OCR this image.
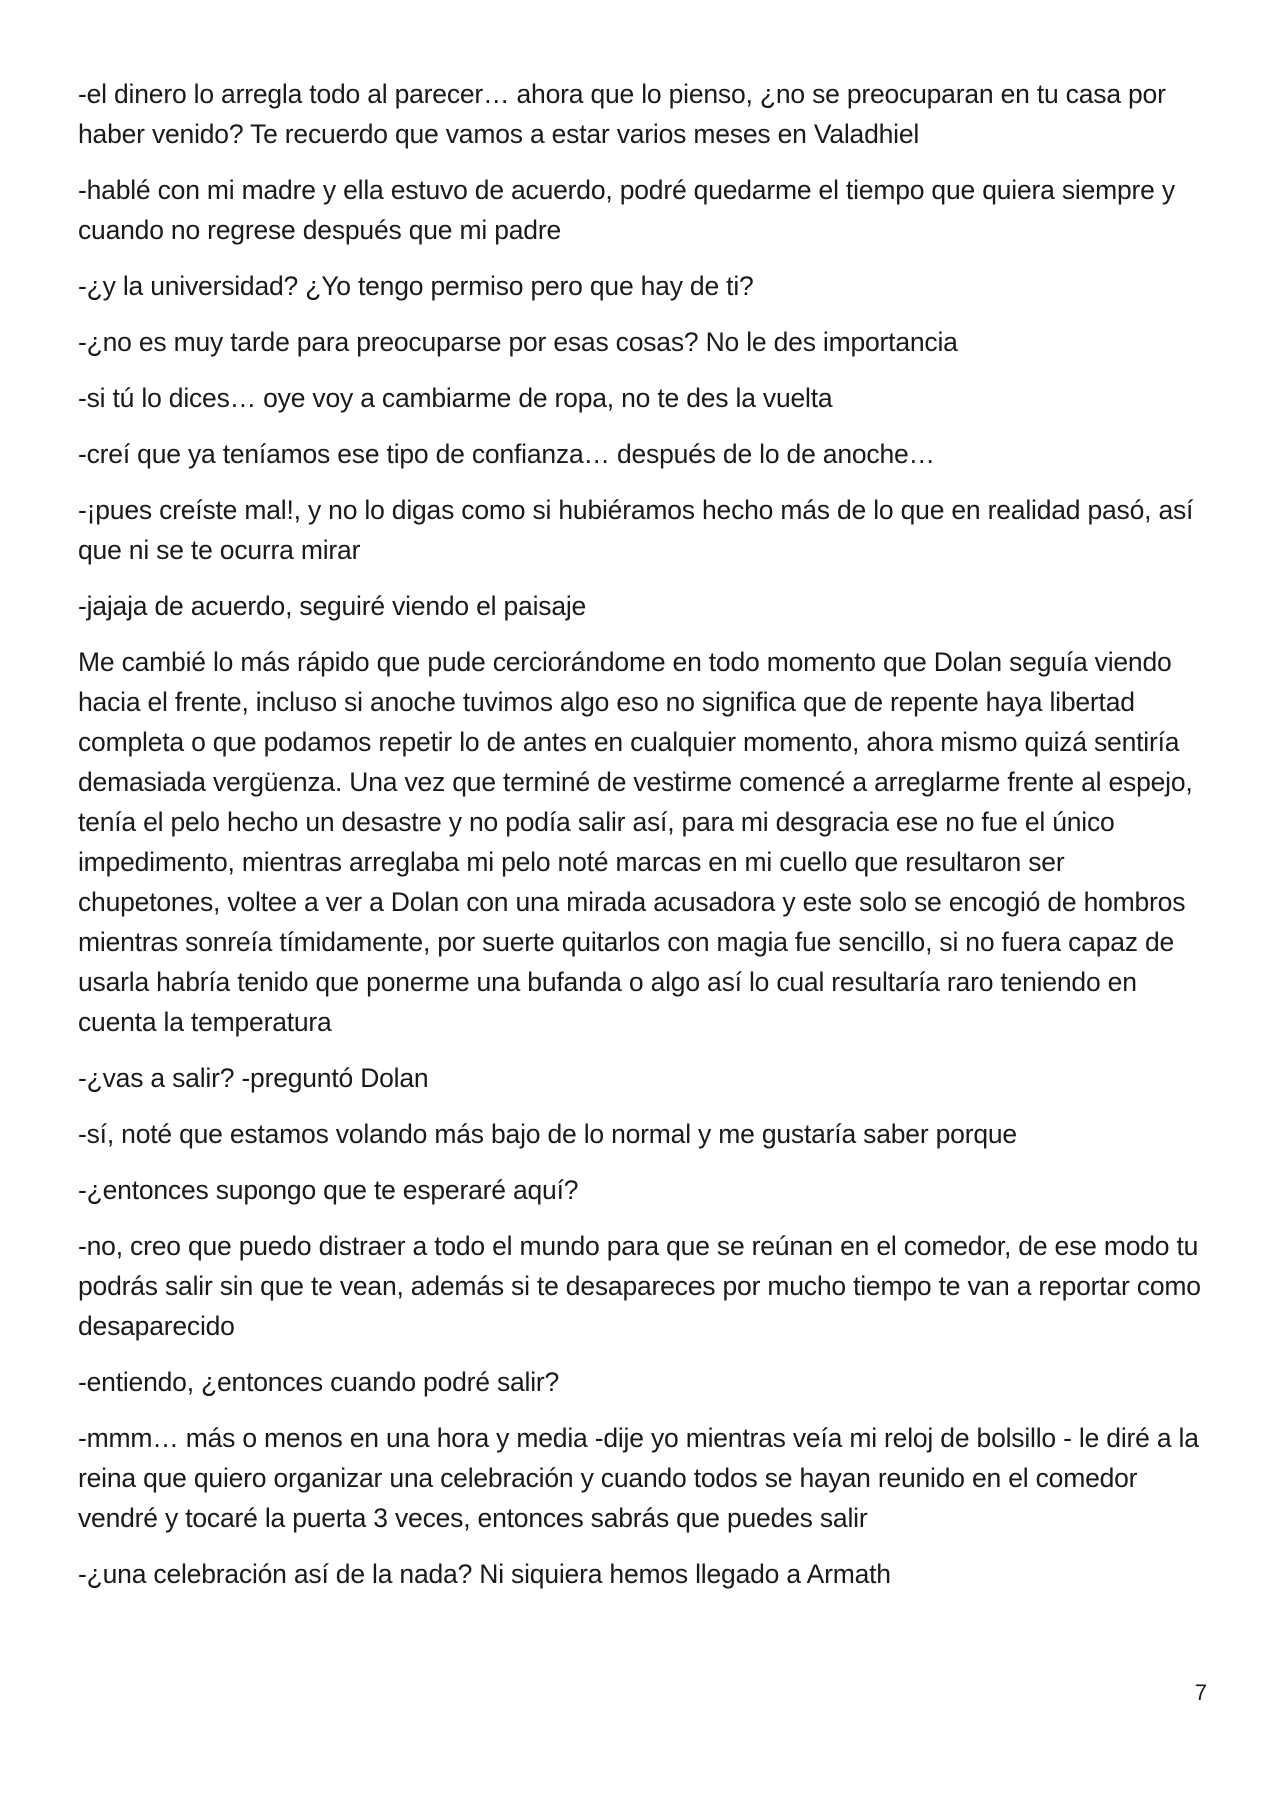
-el dinero lo arregla todo al parecer… ahora que lo pienso, ¿no se preocuparan en tu casa por haber venido? Te recuerdo que vamos a estar varios meses en Valadhiel

-hablé con mi madre y ella estuvo de acuerdo, podré quedarme el tiempo que quiera siempre y cuando no regrese después que mi padre

-¿y la universidad? ¿Yo tengo permiso pero que hay de ti?

-¿no es muy tarde para preocuparse por esas cosas? No le des importancia

-si tú lo dices… oye voy a cambiarme de ropa, no te des la vuelta

-creí que ya teníamos ese tipo de confianza… después de lo de anoche…

-¡pues creíste mal!, y no lo digas como si hubiéramos hecho más de lo que en realidad pasó, así que ni se te ocurra mirar

-jajaja de acuerdo, seguiré viendo el paisaje

Me cambié lo más rápido que pude cerciorándome en todo momento que Dolan seguía viendo hacia el frente, incluso si anoche tuvimos algo eso no significa que de repente haya libertad completa o que podamos repetir lo de antes en cualquier momento, ahora mismo quizá sentiría demasiada vergüenza. Una vez que terminé de vestirme comencé a arreglarme frente al espejo, tenía el pelo hecho un desastre y no podía salir así, para mi desgracia ese no fue el único impedimento, mientras arreglaba mi pelo noté marcas en mi cuello que resultaron ser chupetones, voltee a ver a Dolan con una mirada acusadora y este solo se encogió de hombros mientras sonreía tímidamente, por suerte quitarlos con magia fue sencillo, si no fuera capaz de usarla habría tenido que ponerme una bufanda o algo así lo cual resultaría raro teniendo en cuenta la temperatura

-¿vas a salir? -preguntó Dolan

-sí, noté que estamos volando más bajo de lo normal y me gustaría saber porque

-¿entonces supongo que te esperaré aquí?

-no, creo que puedo distraer a todo el mundo para que se reúnan en el comedor, de ese modo tu podrás salir sin que te vean, además si te desapareces por mucho tiempo te van a reportar como desaparecido

-entiendo, ¿entonces cuando podré salir?

-mmm… más o menos en una hora y media -dije yo mientras veía mi reloj de bolsillo - le diré a la reina que quiero organizar una celebración y cuando todos se hayan reunido en el comedor vendré y tocaré la puerta 3 veces, entonces sabrás que puedes salir

-¿una celebración así de la nada? Ni siquiera hemos llegado a Armath

7
